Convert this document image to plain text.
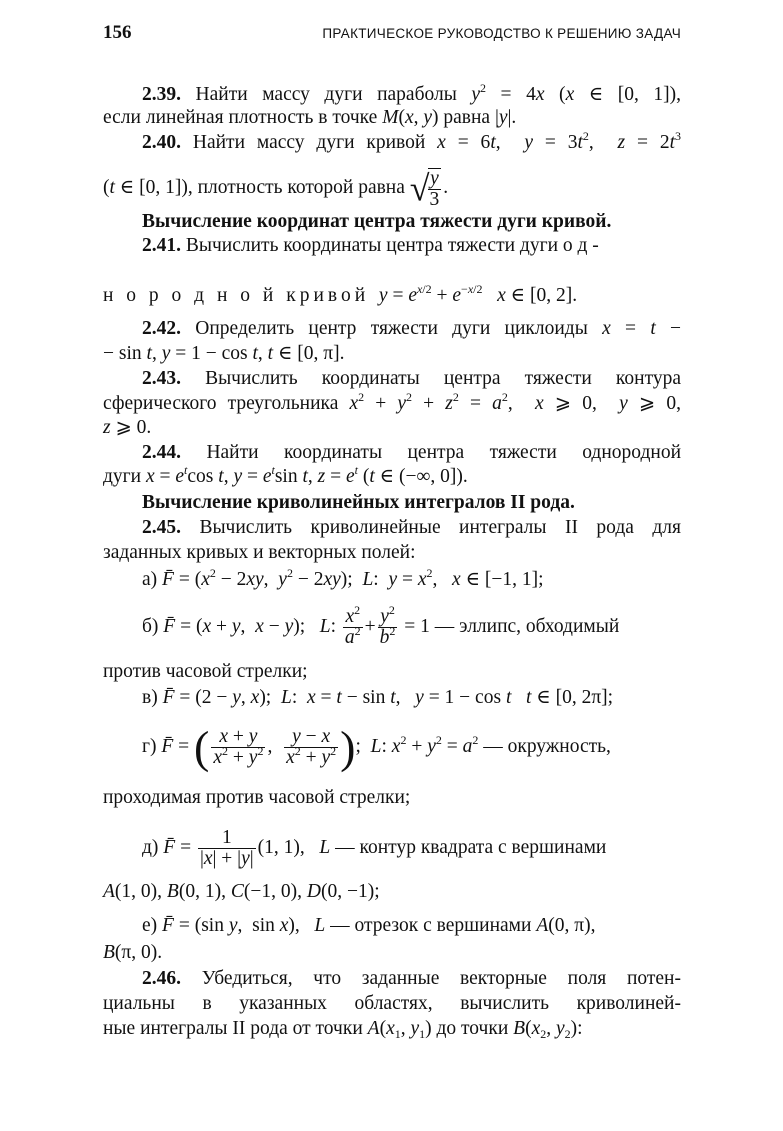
156	ПРАКТИЧЕСКОЕ РУКОВОДСТВО К РЕШЕНИЮ ЗАДАЧ
2.39. Найти массу дуги параболы $y^2 = 4x$ (x ∈ [0, 1]),
если линейная плотность в точке M(x, y) равна |y|.
2.40. Найти массу дуги кривой x = 6t,  $y = 3t^2$,  $z = 2t^3$
(t ∈ [0, 1]), плотность которой равна √
$\frac{y}{3}$ .
Вычисление координат центра тяжести дуги кривой.
2.41. Вычислить координаты центра тяжести дуги о д -
н о р о д н о й кривой $y = e^{x/2} + e^{-x/2}$ x ∈ [0, 2].
2.42. Определить центр тяжести дуги циклоиды x = t −
− sin t, y = 1 − cos t, t ∈ [0, π].
2.43. Вычислить координаты центра тяжести контура
сферического треугольника $x^2 + y^2 + z^2 = a^2$,  x ⩾ 0,  y ⩾ 0,
z ⩾ 0.
2.44. Найти координаты центра тяжести однородной
дуги $x = e^t\cos$ t, $y = e^t\sin$ t, $z = e^t$ (t ∈ (−∞, 0]).
Вычисление криволинейных интегралов II рода.
2.45. Вычислить криволинейные интегралы II рода для
заданных кривых и векторных полей:
а) F̄ = ($x^2 - 2xy$,  $y^2 - 2xy$);  L:  $y = x^2$,   x ∈ [−1, 1];
б) F̄ = (x + y,  x − y);   L: $\frac{x^2}{a^2} + \frac{y^2}{b^2} = 1$ — эллипс, обходимый
против часовой стрелки;
в) F̄ = (2 − y, x);  L:  x = t − sin t,   y = 1 − cos t t ∈ [0, 2π];
г) F̄ = ( $\frac{x + y}{x^2 + y^2}$ , $\frac{y - x}{x^2 + y^2}$ );  L: $x^2 + y^2 = a^2$ — окружность,
проходимая против часовой стрелки;
д) F̄ = $\frac{1}{|x| + |y|} (1$, 1),   L — контур квадрата с вершинами
A(1, 0), B(0, 1), C(−1, 0), D(0, −1);
е) F̄ = (sin y,  sin x),   L — отрезок с вершинами A(0, π),
B(π, 0).
2.46. Убедиться, что заданные векторные поля потен-
циальны в указанных областях, вычислить криволиней-
ные интегралы II рода от точки $A(x_1$, $y_1$) до точки $B(x_2$, $y_2$):
